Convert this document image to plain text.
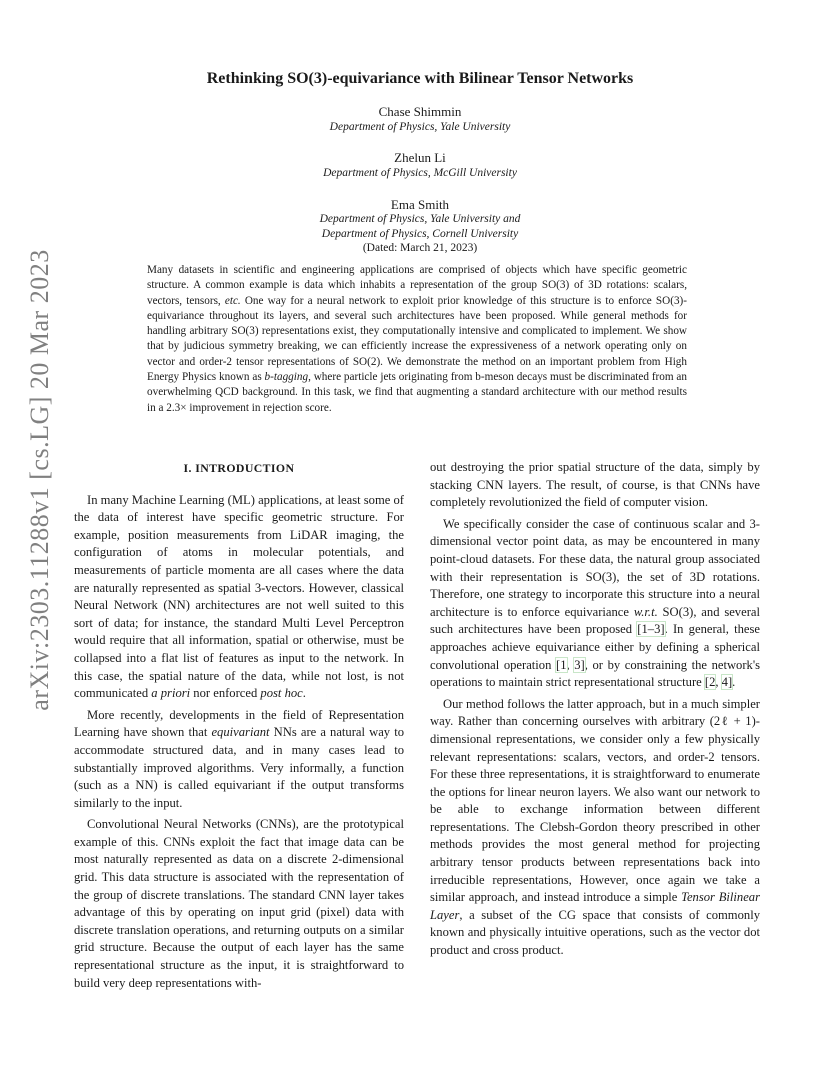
arXiv:2303.11288v1 [cs.LG] 20 Mar 2023
Rethinking SO(3)-equivariance with Bilinear Tensor Networks
Chase Shimmin
Department of Physics, Yale University
Zhelun Li
Department of Physics, McGill University
Ema Smith
Department of Physics, Yale University and
Department of Physics, Cornell University
(Dated: March 21, 2023)
Many datasets in scientific and engineering applications are comprised of objects which have specific geometric structure. A common example is data which inhabits a representation of the group SO(3) of 3D rotations: scalars, vectors, tensors, etc. One way for a neural network to exploit prior knowledge of this structure is to enforce SO(3)-equivariance throughout its layers, and several such architectures have been proposed. While general methods for handling arbitrary SO(3) representations exist, they computationally intensive and complicated to implement. We show that by judicious symmetry breaking, we can efficiently increase the expressiveness of a network operating only on vector and order-2 tensor representations of SO(2). We demonstrate the method on an important problem from High Energy Physics known as b-tagging, where particle jets originating from b-meson decays must be discriminated from an overwhelming QCD background. In this task, we find that augmenting a standard architecture with our method results in a 2.3× improvement in rejection score.
I. INTRODUCTION

In many Machine Learning (ML) applications, at least some of the data of interest have specific geometric structure. For example, position measurements from LiDAR imaging, the configuration of atoms in molecular potentials, and measurements of particle momenta are all cases where the data are naturally represented as spatial 3-vectors. However, classical Neural Network (NN) architectures are not well suited to this sort of data; for instance, the standard Multi Level Perceptron would require that all information, spatial or otherwise, must be collapsed into a flat list of features as input to the network. In this case, the spatial nature of the data, while not lost, is not communicated a priori nor enforced post hoc.

More recently, developments in the field of Representation Learning have shown that equivariant NNs are a natural way to accommodate structured data, and in many cases lead to substantially improved algorithms. Very informally, a function (such as a NN) is called equivariant if the output transforms similarly to the input.

Convolutional Neural Networks (CNNs), are the prototypical example of this. CNNs exploit the fact that image data can be most naturally represented as data on a discrete 2-dimensional grid. This data structure is associated with the representation of the group of discrete translations. The standard CNN layer takes advantage of this by operating on input grid (pixel) data with discrete translation operations, and returning outputs on a similar grid structure. Because the output of each layer has the same representational structure as the input, it is straightforward to build very deep representations with-

out destroying the prior spatial structure of the data, simply by stacking CNN layers. The result, of course, is that CNNs have completely revolutionized the field of computer vision.

We specifically consider the case of continuous scalar and 3-dimensional vector point data, as may be encountered in many point-cloud datasets. For these data, the natural group associated with their representation is SO(3), the set of 3D rotations. Therefore, one strategy to incorporate this structure into a neural architecture is to enforce equivariance w.r.t. SO(3), and several such architectures have been proposed [1–3]. In general, these approaches achieve equivariance either by defining a spherical convolutional operation [1, 3], or by constraining the network's operations to maintain strict representational structure [2, 4].

Our method follows the latter approach, but in a much simpler way. Rather than concerning ourselves with arbitrary (2ℓ + 1)-dimensional representations, we consider only a few physically relevant representations: scalars, vectors, and order-2 tensors. For these three representations, it is straightforward to enumerate the options for linear neuron layers. We also want our network to be able to exchange information between different representations. The Clebsh-Gordon theory prescribed in other methods provides the most general method for projecting arbitrary tensor products between representations back into irreducible representations, However, once again we take a similar approach, and instead introduce a simple Tensor Bilinear Layer, a subset of the CG space that consists of commonly known and physically intuitive operations, such as the vector dot product and cross product.
